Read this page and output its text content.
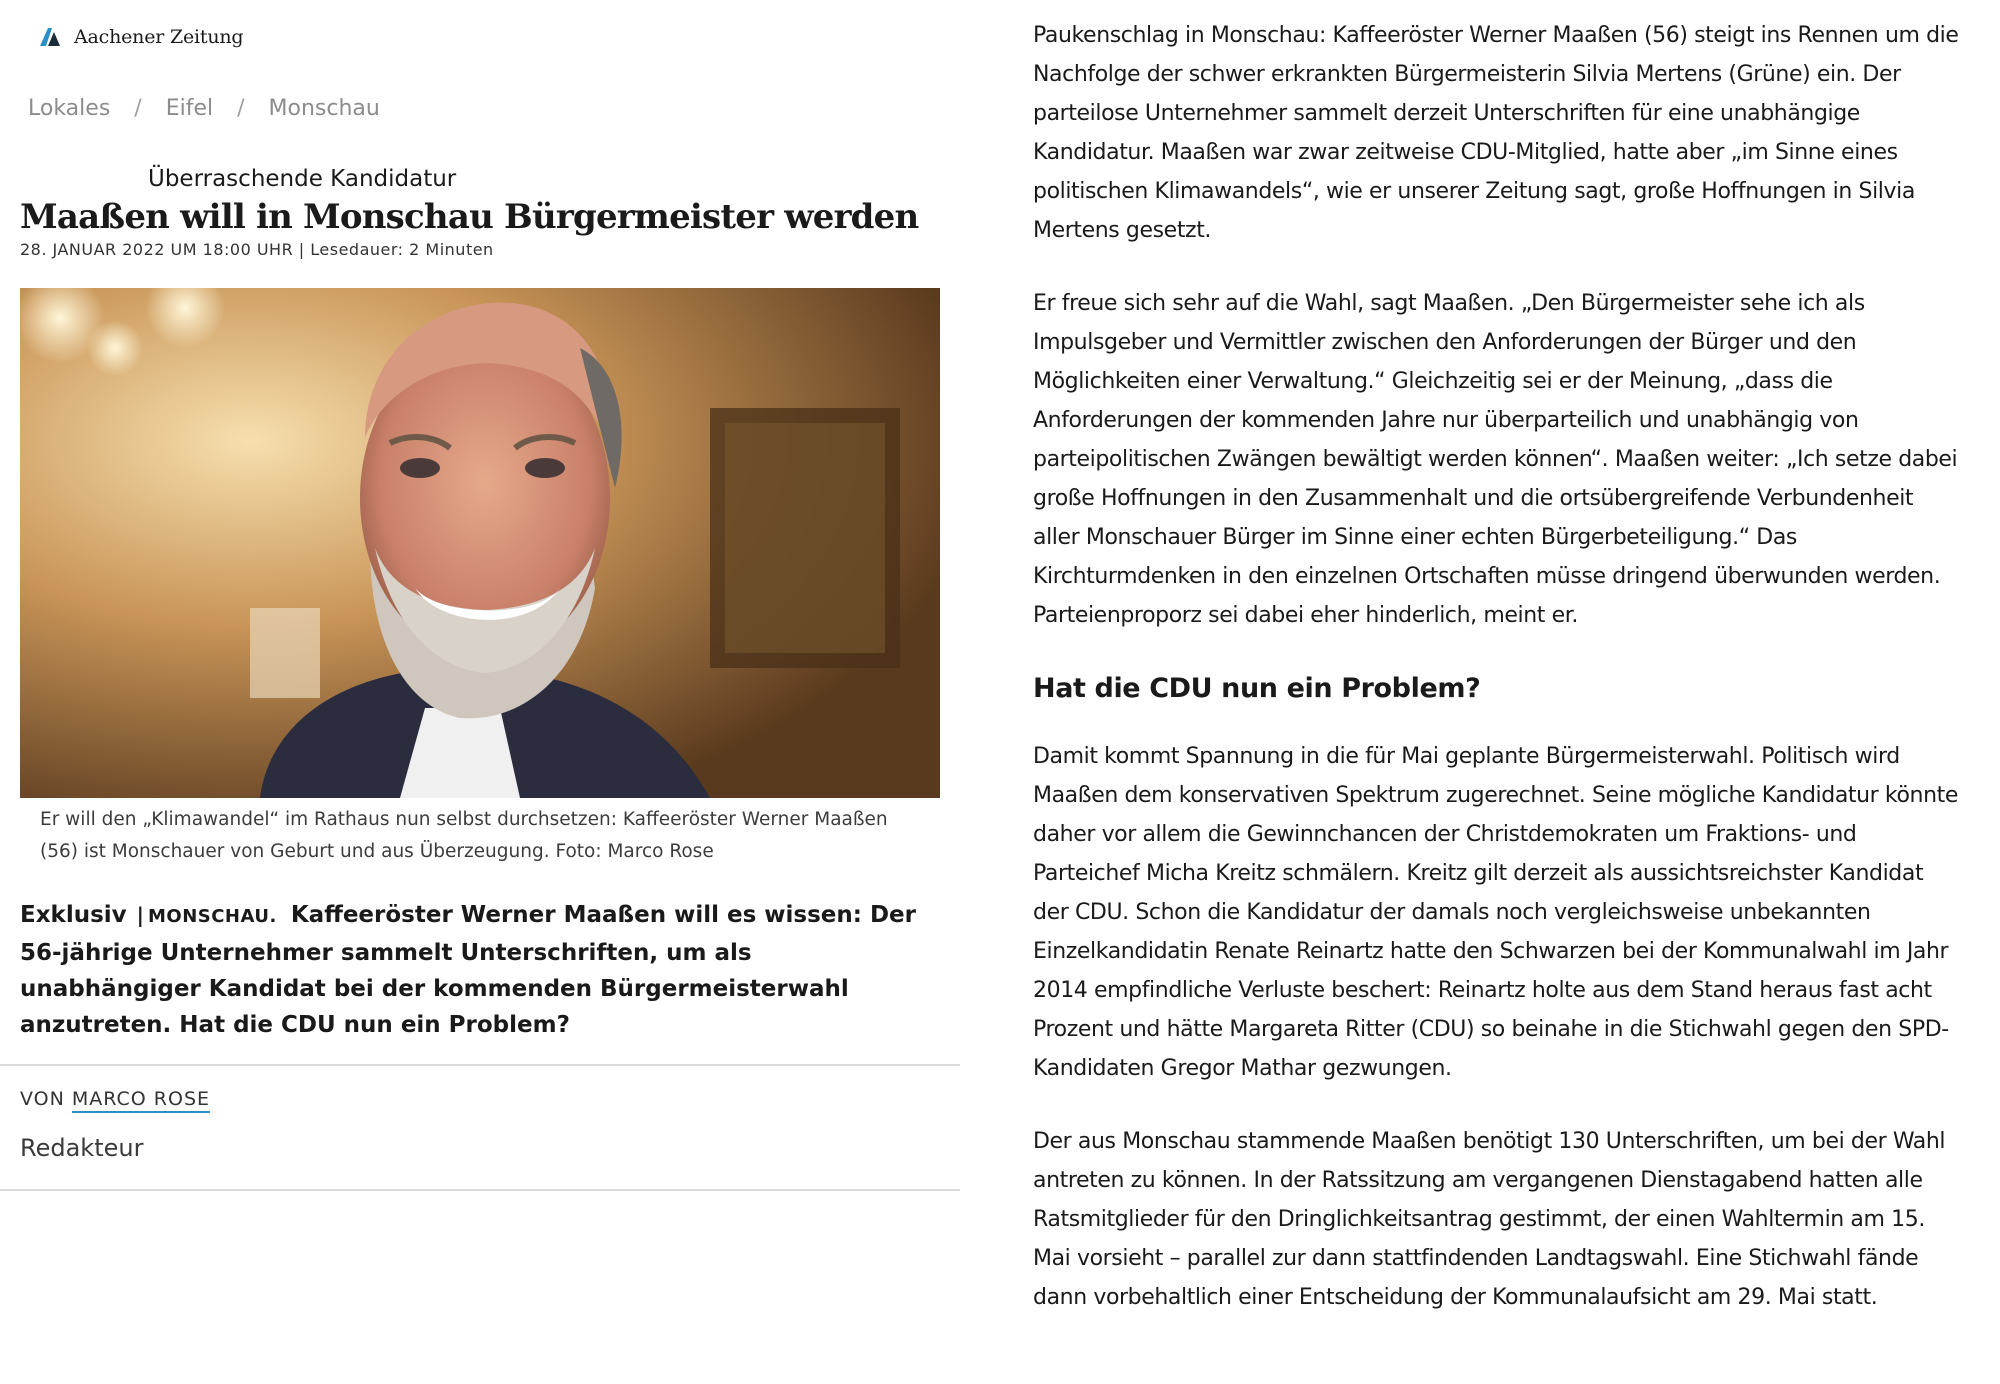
Aachener Zeitung
Lokales / Eifel / Monschau
Überraschende Kandidatur
Maaßen will in Monschau Bürgermeister werden
28. JANUAR 2022 UM 18:00 UHR | Lesedauer: 2 Minuten
Er will den „Klimawandel“ im Rathaus nun selbst durchsetzen: Kaffeeröster Werner Maaßen (56) ist Monschauer von Geburt und aus Überzeugung. Foto: Marco Rose
Exklusiv | MONSCHAU. Kaffeeröster Werner Maaßen will es wissen: Der 56-jährige Unternehmer sammelt Unterschriften, um als unabhängiger Kandidat bei der kommenden Bürgermeisterwahl anzutreten. Hat die CDU nun ein Problem?
VON MARCO ROSE
Redakteur

Paukenschlag in Monschau: Kaffeeröster Werner Maaßen (56) steigt ins Rennen um die Nachfolge der schwer erkrankten Bürgermeisterin Silvia Mertens (Grüne) ein. Der parteilose Unternehmer sammelt derzeit Unterschriften für eine unabhängige Kandidatur. Maaßen war zwar zeitweise CDU-Mitglied, hatte aber „im Sinne eines politischen Klimawandels“, wie er unserer Zeitung sagt, große Hoffnungen in Silvia Mertens gesetzt.

Er freue sich sehr auf die Wahl, sagt Maaßen. „Den Bürgermeister sehe ich als Impulsgeber und Vermittler zwischen den Anforderungen der Bürger und den Möglichkeiten einer Verwaltung.“ Gleichzeitig sei er der Meinung, „dass die Anforderungen der kommenden Jahre nur überparteilich und unabhängig von parteipolitischen Zwängen bewältigt werden können“. Maaßen weiter: „Ich setze dabei große Hoffnungen in den Zusammenhalt und die ortsübergreifende Verbundenheit aller Monschauer Bürger im Sinne einer echten Bürgerbeteiligung.“ Das Kirchturmdenken in den einzelnen Ortschaften müsse dringend überwunden werden. Parteienproporz sei dabei eher hinderlich, meint er.

Hat die CDU nun ein Problem?

Damit kommt Spannung in die für Mai geplante Bürgermeisterwahl. Politisch wird Maaßen dem konservativen Spektrum zugerechnet. Seine mögliche Kandidatur könnte daher vor allem die Gewinnchancen der Christdemokraten um Fraktions- und Parteichef Micha Kreitz schmälern. Kreitz gilt derzeit als aussichtsreichster Kandidat der CDU. Schon die Kandidatur der damals noch vergleichsweise unbekannten Einzelkandidatin Renate Reinartz hatte den Schwarzen bei der Kommunalwahl im Jahr 2014 empfindliche Verluste beschert: Reinartz holte aus dem Stand heraus fast acht Prozent und hätte Margareta Ritter (CDU) so beinahe in die Stichwahl gegen den SPD-Kandidaten Gregor Mathar gezwungen.

Der aus Monschau stammende Maaßen benötigt 130 Unterschriften, um bei der Wahl antreten zu können. In der Ratssitzung am vergangenen Dienstagabend hatten alle Ratsmitglieder für den Dringlichkeitsantrag gestimmt, der einen Wahltermin am 15. Mai vorsieht – parallel zur dann stattfindenden Landtagswahl. Eine Stichwahl fände dann vorbehaltlich einer Entscheidung der Kommunalaufsicht am 29. Mai statt.
